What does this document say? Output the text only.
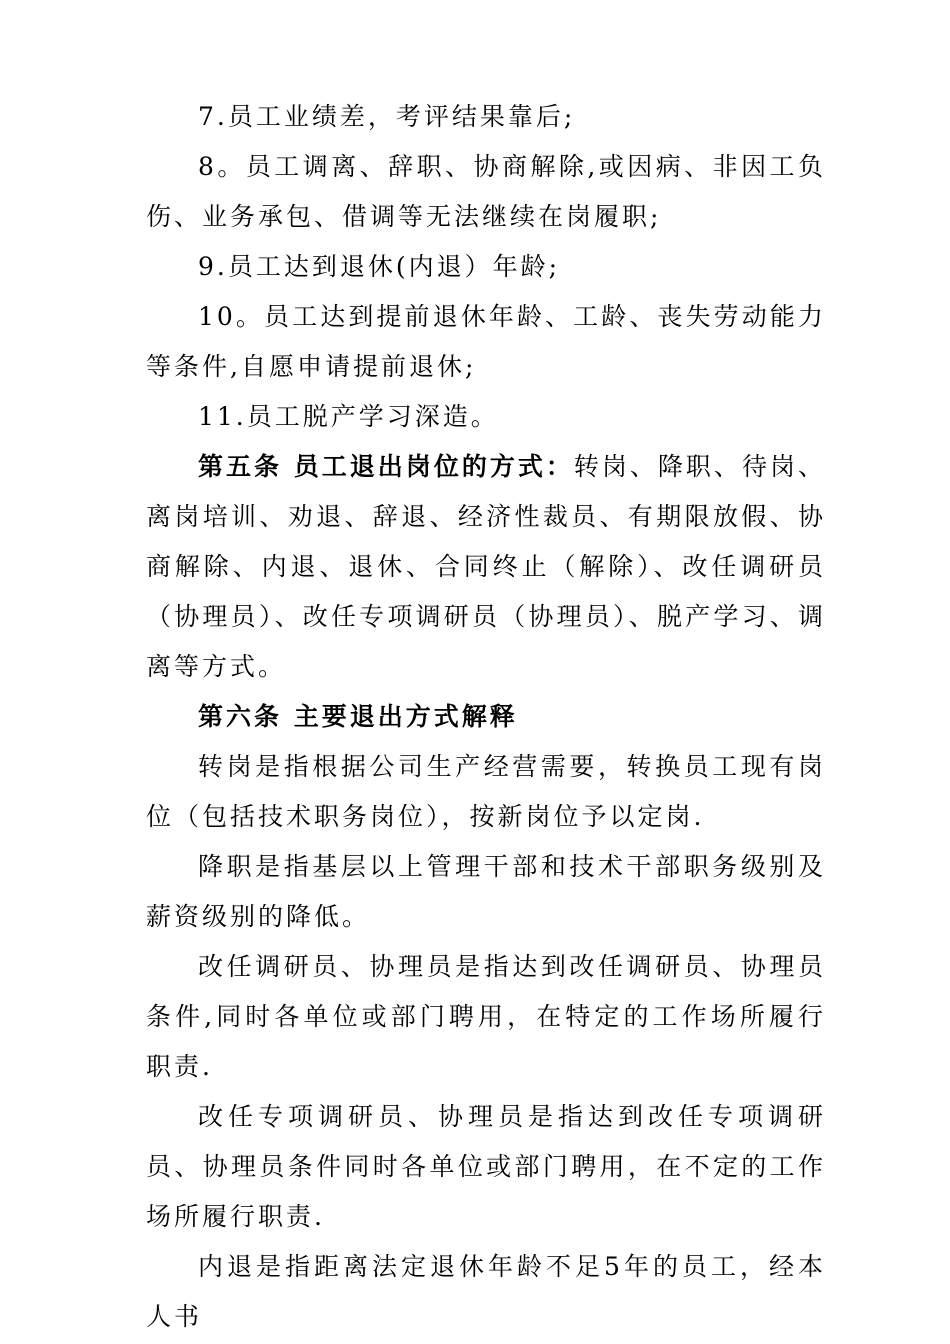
7.员工业绩差，考评结果靠后;

8。员工调离、辞职、协商解除,或因病、非因工负伤、业务承包、借调等无法继续在岗履职;

9.员工达到退休(内退）年龄;

10。员工达到提前退休年龄、工龄、丧失劳动能力等条件,自愿申请提前退休;

11.员工脱产学习深造。

第五条 员工退出岗位的方式：转岗、降职、待岗、离岗培训、劝退、辞退、经济性裁员、有期限放假、协商解除、内退、退休、合同终止（解除）、改任调研员（协理员）、改任专项调研员（协理员）、脱产学习、调离等方式。

第六条 主要退出方式解释

转岗是指根据公司生产经营需要，转换员工现有岗位（包括技术职务岗位），按新岗位予以定岗.

降职是指基层以上管理干部和技术干部职务级别及薪资级别的降低。

改任调研员、协理员是指达到改任调研员、协理员条件,同时各单位或部门聘用，在特定的工作场所履行职责.

改任专项调研员、协理员是指达到改任专项调研员、协理员条件同时各单位或部门聘用，在不定的工作场所履行职责.

内退是指距离法定退休年龄不足5年的员工，经本人书
